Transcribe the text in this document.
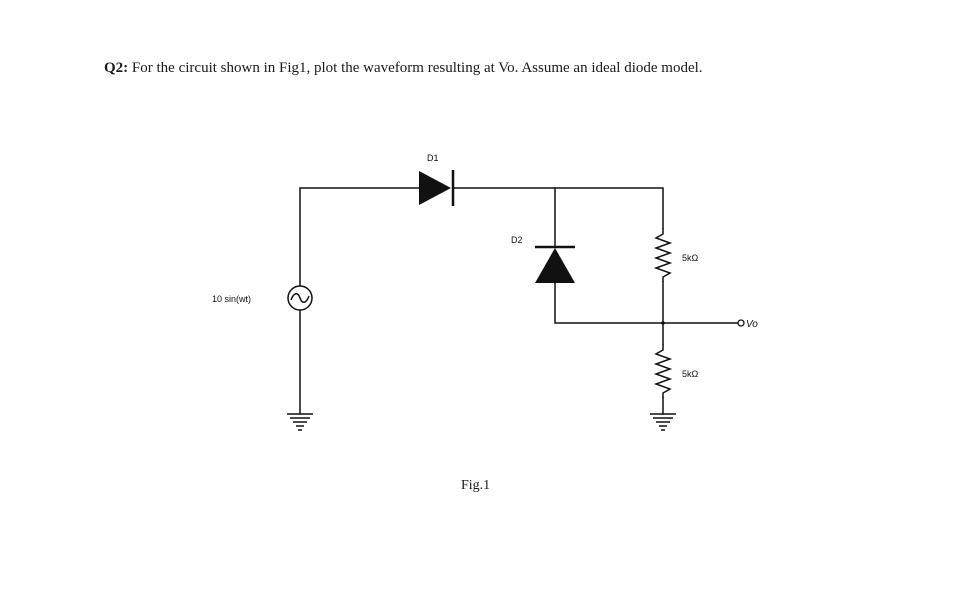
Q2: For the circuit shown in Fig1, plot the waveform resulting at Vo. Assume an ideal diode model.

10 sin(wt)
D1
D2
5kΩ
Vo
5kΩ
Fig.1
